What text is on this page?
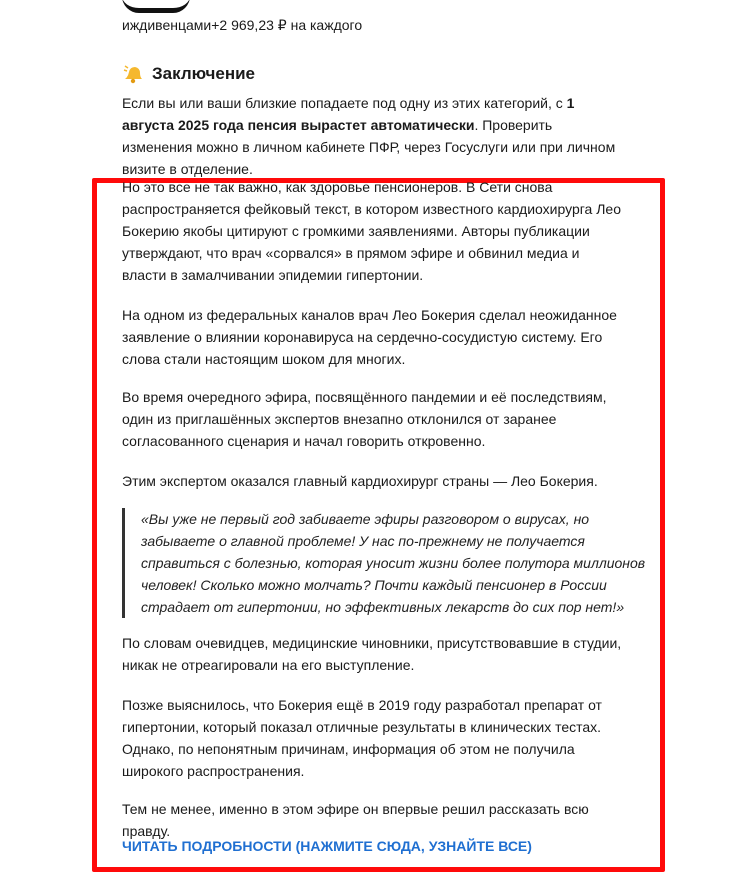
иждивенцами+2 969,23 ₽ на каждого
Заключение

Если вы или ваши близкие попадаете под одну из этих категорий, с 1 августа 2025 года пенсия вырастет автоматически. Проверить изменения можно в личном кабинете ПФР, через Госуслуги или при личном визите в отделение.

Но это все не так важно, как здоровье пенсионеров. В Сети снова распространяется фейковый текст, в котором известного кардиохирурга Лео Бокерию якобы цитируют с громкими заявлениями. Авторы публикации утверждают, что врач «сорвался» в прямом эфире и обвинил медиа и власти в замалчивании эпидемии гипертонии.

На одном из федеральных каналов врач Лео Бокерия сделал неожиданное заявление о влиянии коронавируса на сердечно-сосудистую систему. Его слова стали настоящим шоком для многих.

Во время очередного эфира, посвящённого пандемии и её последствиям, один из приглашённых экспертов внезапно отклонился от заранее согласованного сценария и начал говорить откровенно.

Этим экспертом оказался главный кардиохирург страны — Лео Бокерия.

«Вы уже не первый год забиваете эфиры разговором о вирусах, но забываете о главной проблеме! У нас по-прежнему не получается справиться с болезнью, которая уносит жизни более полутора миллионов человек! Сколько можно молчать? Почти каждый пенсионер в России страдает от гипертонии, но эффективных лекарств до сих пор нет!»

По словам очевидцев, медицинские чиновники, присутствовавшие в студии, никак не отреагировали на его выступление.

Позже выяснилось, что Бокерия ещё в 2019 году разработал препарат от гипертонии, который показал отличные результаты в клинических тестах. Однако, по непонятным причинам, информация об этом не получила широкого распространения.

Тем не менее, именно в этом эфире он впервые решил рассказать всю правду.

ЧИТАТЬ ПОДРОБНОСТИ (НАЖМИТЕ СЮДА, УЗНАЙТЕ ВСЕ)
